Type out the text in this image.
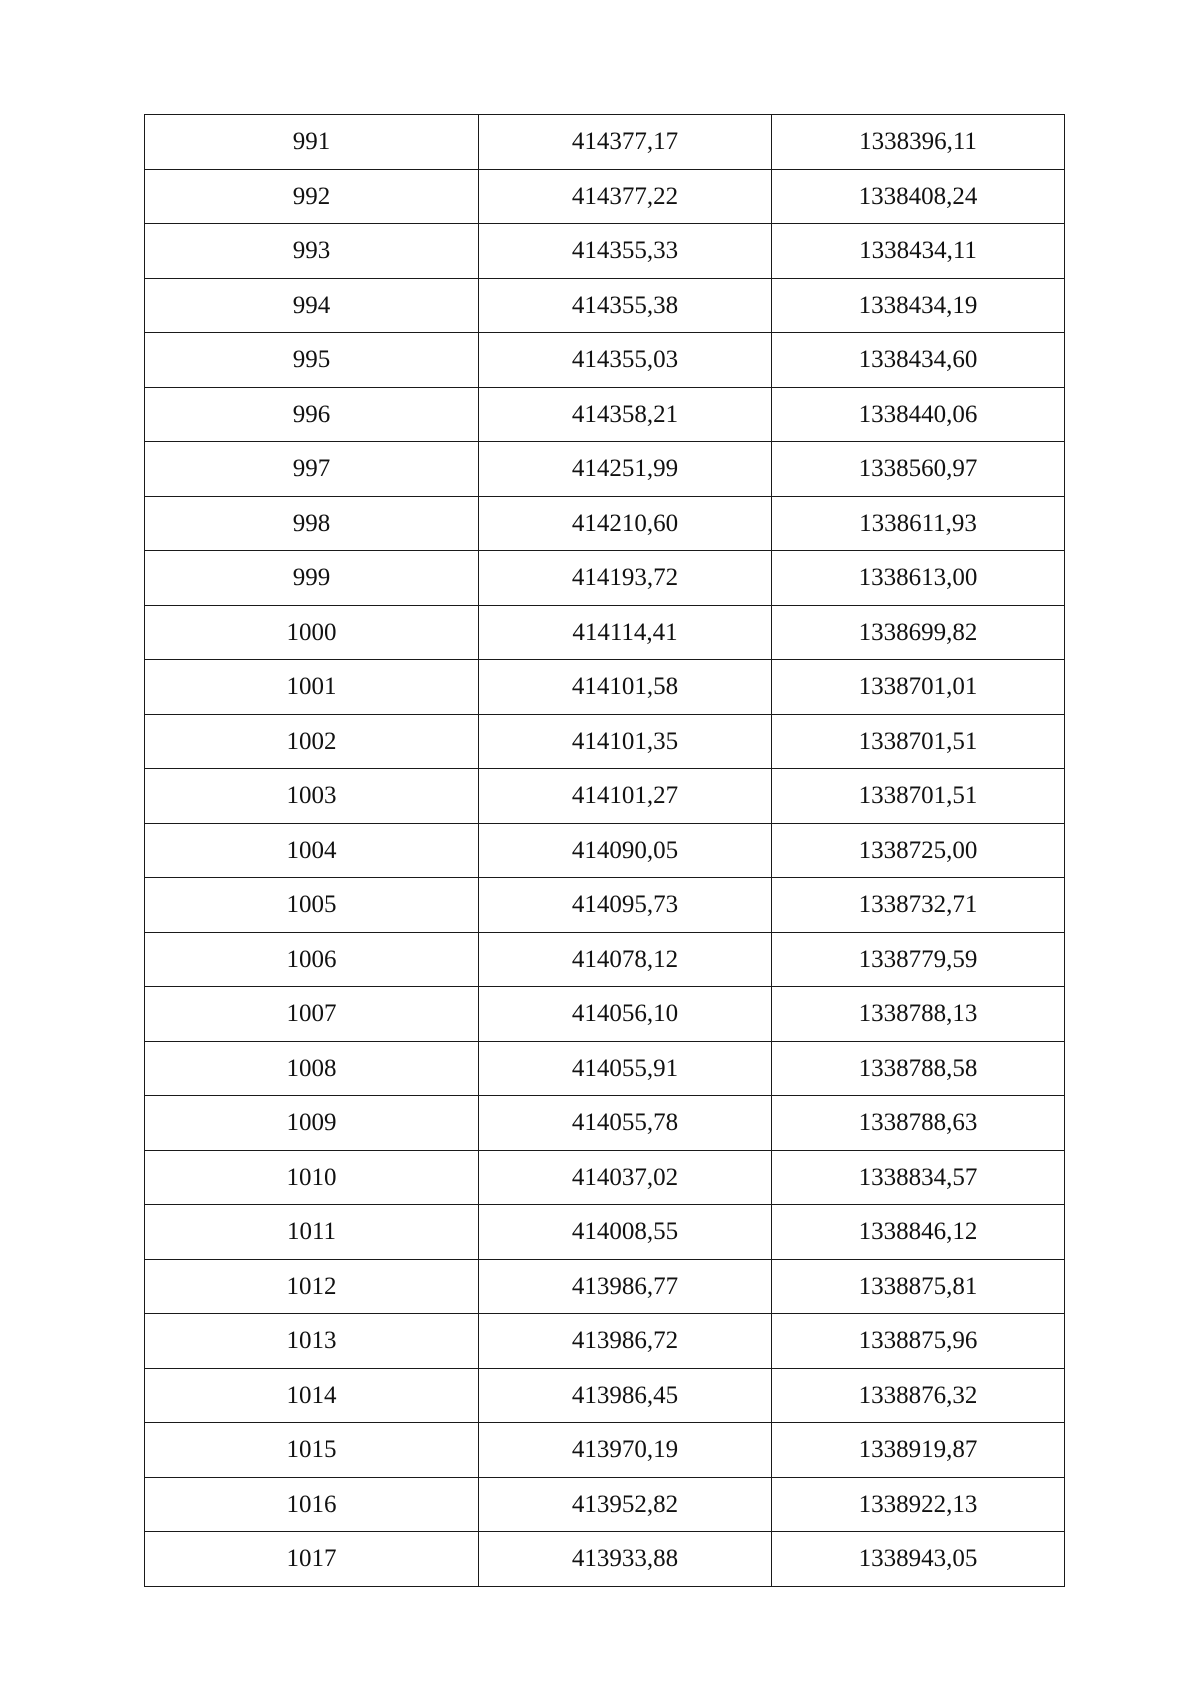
991	414377,17	1338396,11
992	414377,22	1338408,24
993	414355,33	1338434,11
994	414355,38	1338434,19
995	414355,03	1338434,60
996	414358,21	1338440,06
997	414251,99	1338560,97
998	414210,60	1338611,93
999	414193,72	1338613,00
1000	414114,41	1338699,82
1001	414101,58	1338701,01
1002	414101,35	1338701,51
1003	414101,27	1338701,51
1004	414090,05	1338725,00
1005	414095,73	1338732,71
1006	414078,12	1338779,59
1007	414056,10	1338788,13
1008	414055,91	1338788,58
1009	414055,78	1338788,63
1010	414037,02	1338834,57
1011	414008,55	1338846,12
1012	413986,77	1338875,81
1013	413986,72	1338875,96
1014	413986,45	1338876,32
1015	413970,19	1338919,87
1016	413952,82	1338922,13
1017	413933,88	1338943,05
